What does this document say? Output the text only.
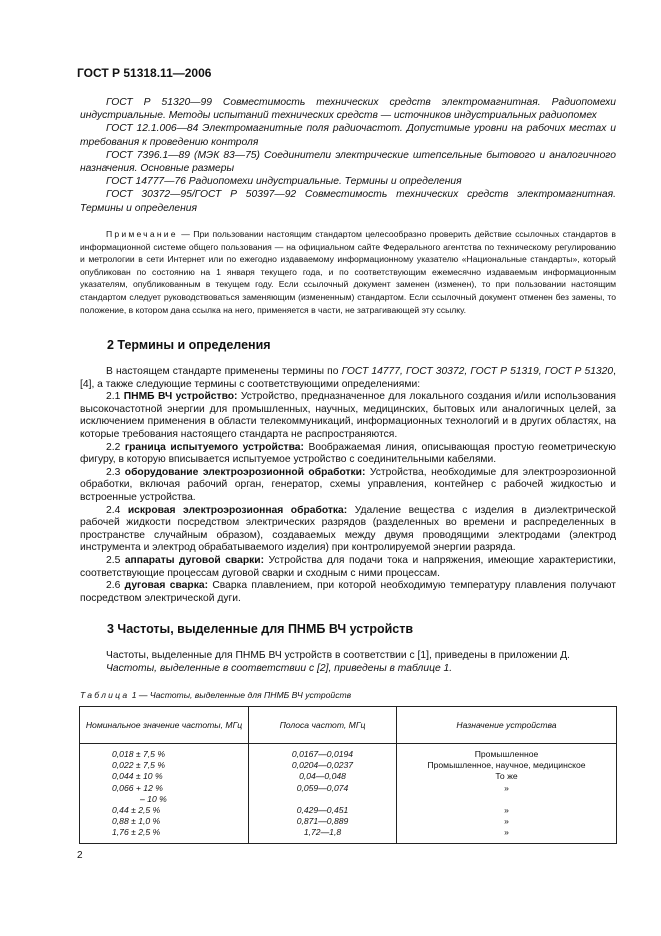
ГОСТ Р 51318.11—2006

ГОСТ Р 51320—99 Совместимость технических средств электромагнитная. Радиопомехи индустриальные. Методы испытаний технических средств — источников индустриальных радиопомех

ГОСТ 12.1.006—84 Электромагнитные поля радиочастот. Допустимые уровни на рабочих местах и требования к проведению контроля

ГОСТ 7396.1—89 (МЭК 83—75) Соединители электрические штепсельные бытового и аналогичного назначения. Основные размеры

ГОСТ 14777—76 Радиопомехи индустриальные. Термины и определения

ГОСТ 30372—95/ГОСТ Р 50397—92 Совместимость технических средств электромагнитная. Термины и определения

Примечание — При пользовании настоящим стандартом целесообразно проверить действие ссылочных стандартов в информационной системе общего пользования — на официальном сайте Федерального агентства по техническому регулированию и метрологии в сети Интернет или по ежегодно издаваемому информационному указателю «Национальные стандарты», который опубликован по состоянию на 1 января текущего года, и по соответствующим ежемесячно издаваемым информационным указателям, опубликованным в текущем году. Если ссылочный документ заменен (изменен), то при пользовании настоящим стандартом следует руководствоваться заменяющим (измененным) стандартом. Если ссылочный документ отменен без замены, то положение, в котором дана ссылка на него, применяется в части, не затрагивающей эту ссылку.

2 Термины и определения

В настоящем стандарте применены термины по ГОСТ 14777, ГОСТ 30372, ГОСТ Р 51319, ГОСТ Р 51320, [4], а также следующие термины с соответствующими определениями:

2.1 ПНМБ ВЧ устройство: Устройство, предназначенное для локального создания и/или использования высокочастотной энергии для промышленных, научных, медицинских, бытовых или аналогичных целей, за исключением применения в области телекоммуникаций, информационных технологий и в других областях, на которые требования настоящего стандарта не распространяются.

2.2 граница испытуемого устройства: Воображаемая линия, описывающая простую геометрическую фигуру, в которую вписывается испытуемое устройство с соединительными кабелями.

2.3 оборудование электроэрозионной обработки: Устройства, необходимые для электроэрозионной обработки, включая рабочий орган, генератор, схемы управления, контейнер с рабочей жидкостью и встроенные устройства.

2.4 искровая электроэрозионная обработка: Удаление вещества с изделия в диэлектрической рабочей жидкости посредством электрических разрядов (разделенных во времени и распределенных в пространстве случайным образом), создаваемых между двумя проводящими электродами (электрод инструмента и электрод обрабатываемого изделия) при контролируемой энергии разряда.

2.5 аппараты дуговой сварки: Устройства для подачи тока и напряжения, имеющие характеристики, соответствующие процессам дуговой сварки и сходным с ними процессам.

2.6 дуговая сварка: Сварка плавлением, при которой необходимую температуру плавления получают посредством электрической дуги.

3 Частоты, выделенные для ПНМБ ВЧ устройств

Частоты, выделенные для ПНМБ ВЧ устройств в соответствии с [1], приведены в приложении Д.

Частоты, выделенные в соответствии с [2], приведены в таблице 1.

Таблица 1 — Частоты, выделенные для ПНМБ ВЧ устройств
Номинальное значение частоты, МГц	Полоса частот, МГц	Назначение устройства
0,018 ± 7,5 %	0,0167—0,0194	Промышленное
0,022 ± 7,5 %	0,0204—0,0237	Промышленное, научное, медицинское
0,044 ± 10 %	0,04—0,048	То же
0,066 + 12 %	0,059—0,074	»
– 10 %		
0,44 ± 2,5 %	0,429—0,451	»
0,88 ± 1,0 %	0,871—0,889	»
1,76 ± 2,5 %	1,72—1,8	»
2
